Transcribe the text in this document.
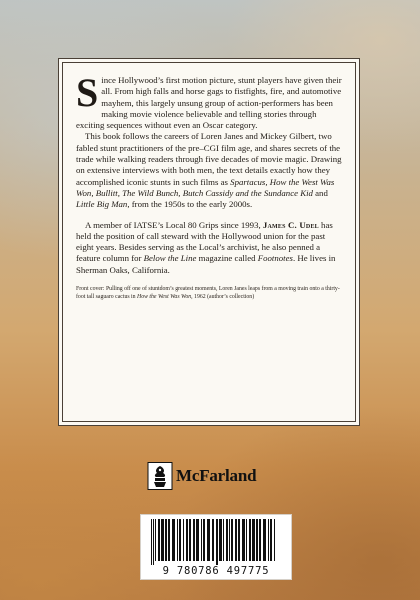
Since Hollywood’s first motion picture, stunt players have given their all. From high falls and horse gags to fistfights, fire, and automotive mayhem, this largely unsung group of action-performers has been making movie violence believable and telling stories through exciting sequences without even an Oscar category.

This book follows the careers of Loren Janes and Mickey Gilbert, two fabled stunt practitioners of the pre–CGI film age, and shares secrets of the trade while walking readers through five decades of movie magic. Drawing on extensive interviews with both men, the text details exactly how they accomplished iconic stunts in such films as Spartacus, How the West Was Won, Bullitt, The Wild Bunch, Butch Cassidy and the Sundance Kid and Little Big Man, from the 1950s to the early 2000s.

A member of IATSE’s Local 80 Grips since 1993, James C. Udel has held the position of call steward with the Hollywood union for the past eight years. Besides serving as the Local’s archivist, he also penned a feature column for Below the Line magazine called Footnotes. He lives in Sherman Oaks, California.

Front cover: Pulling off one of stuntdom’s greatest moments, Loren Janes leaps from a moving train onto a thirty-foot tall saguaro cactus in How the West Was Won, 1962 (author’s collection)

McFarland
9 780786 497775
